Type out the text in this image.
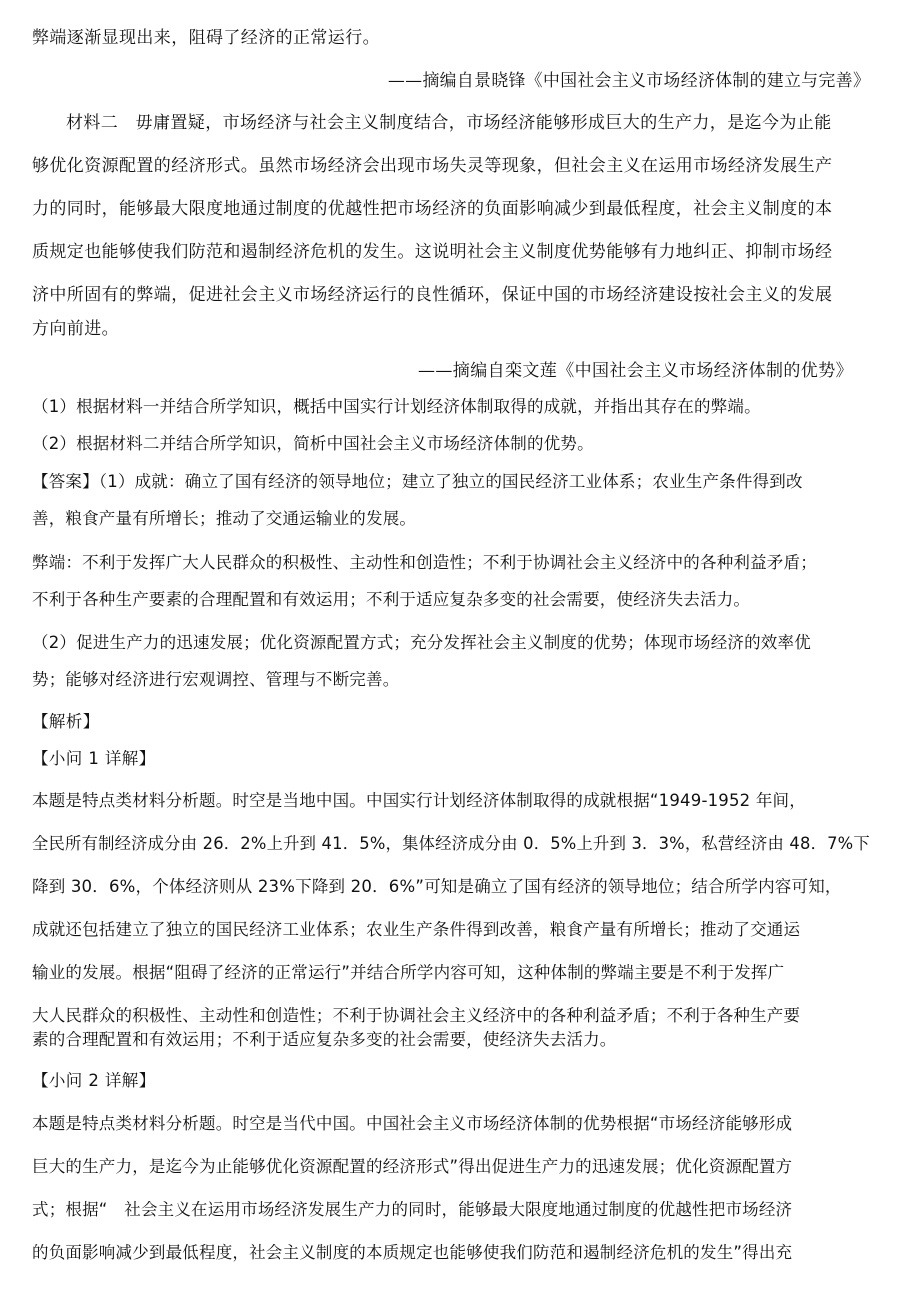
弊端逐渐显现出来，阻碍了经济的正常运行。
——摘编自景晓锋《中国社会主义市场经济体制的建立与完善》
材料二　毋庸置疑，市场经济与社会主义制度结合，市场经济能够形成巨大的生产力，是迄今为止能
够优化资源配置的经济形式。虽然市场经济会出现市场失灵等现象，但社会主义在运用市场经济发展生产
力的同时，能够最大限度地通过制度的优越性把市场经济的负面影响减少到最低程度，社会主义制度的本
质规定也能够使我们防范和遏制经济危机的发生。这说明社会主义制度优势能够有力地纠正、抑制市场经
济中所固有的弊端，促进社会主义市场经济运行的良性循环，保证中国的市场经济建设按社会主义的发展
方向前进。
——摘编自栾文莲《中国社会主义市场经济体制的优势》
（1）根据材料一并结合所学知识，概括中国实行计划经济体制取得的成就，并指出其存在的弊端。
（2）根据材料二并结合所学知识，简析中国社会主义市场经济体制的优势。
【答案】（1）成就：确立了国有经济的领导地位；建立了独立的国民经济工业体系；农业生产条件得到改
善，粮食产量有所增长；推动了交通运输业的发展。
弊端：不利于发挥广大人民群众的积极性、主动性和创造性；不利于协调社会主义经济中的各种利益矛盾；
不利于各种生产要素的合理配置和有效运用；不利于适应复杂多变的社会需要，使经济失去活力。
（2）促进生产力的迅速发展；优化资源配置方式；充分发挥社会主义制度的优势；体现市场经济的效率优
势；能够对经济进行宏观调控、管理与不断完善。
【解析】
【小问 1 详解】
本题是特点类材料分析题。时空是当地中国。中国实行计划经济体制取得的成就根据“1949-1952 年间，
全民所有制经济成分由 26．2%上升到 41．5%，集体经济成分由 0．5%上升到 3．3%，私营经济由 48．7%下
降到 30．6%，个体经济则从 23%下降到 20．6%”可知是确立了国有经济的领导地位；结合所学内容可知，
成就还包括建立了独立的国民经济工业体系；农业生产条件得到改善，粮食产量有所增长；推动了交通运
输业的发展。根据“阻碍了经济的正常运行”并结合所学内容可知，这种体制的弊端主要是不利于发挥广
大人民群众的积极性、主动性和创造性；不利于协调社会主义经济中的各种利益矛盾；不利于各种生产要
素的合理配置和有效运用；不利于适应复杂多变的社会需要，使经济失去活力。
【小问 2 详解】
本题是特点类材料分析题。时空是当代中国。中国社会主义市场经济体制的优势根据“市场经济能够形成
巨大的生产力，是迄今为止能够优化资源配置的经济形式”得出促进生产力的迅速发展；优化资源配置方
式；根据“　社会主义在运用市场经济发展生产力的同时，能够最大限度地通过制度的优越性把市场经济
的负面影响减少到最低程度，社会主义制度的本质规定也能够使我们防范和遏制经济危机的发生”得出充
